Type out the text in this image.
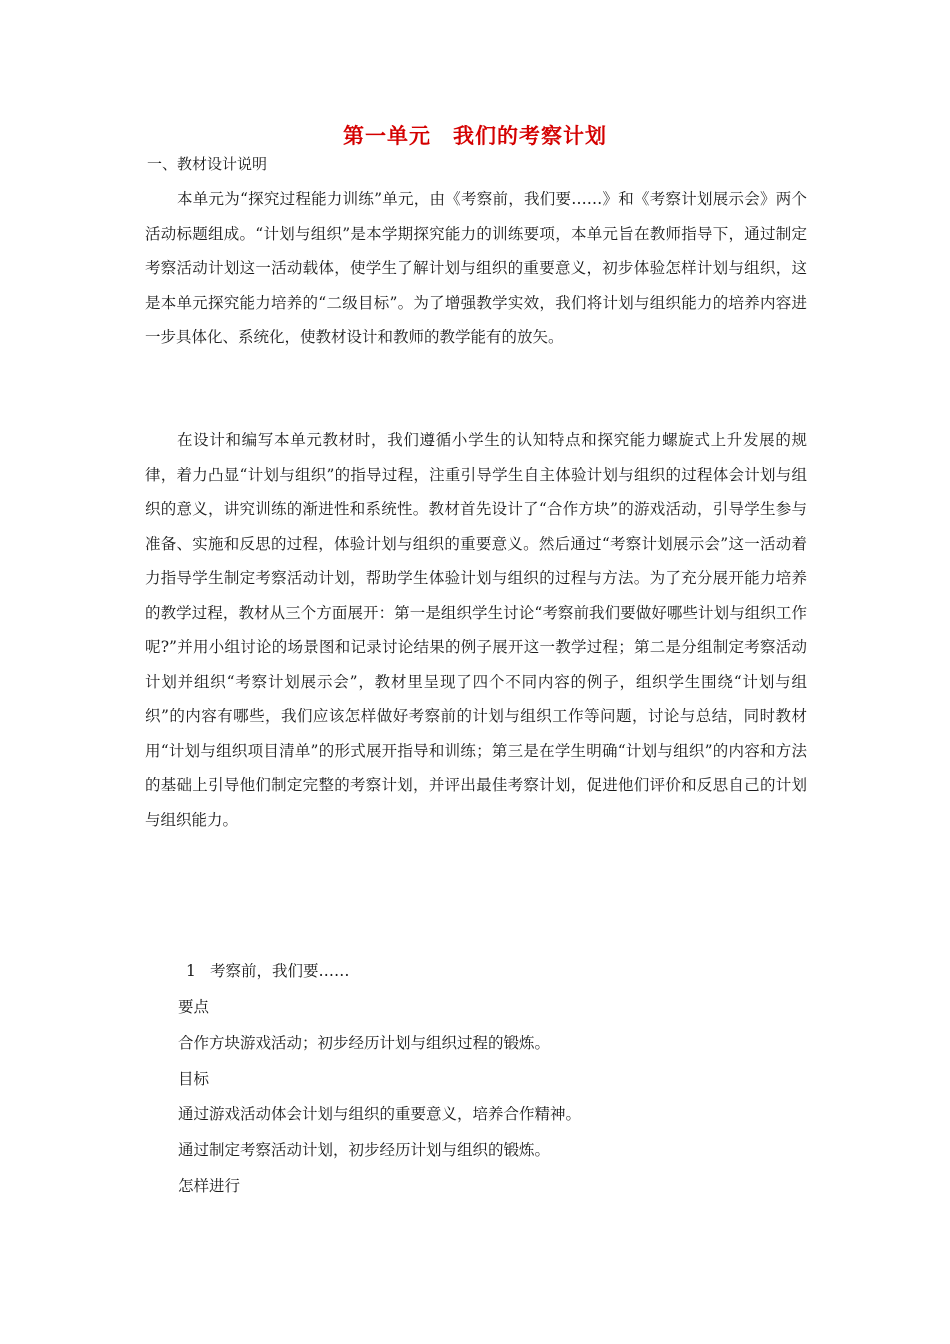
第一单元　我们的考察计划
一、教材设计说明

本单元为“探究过程能力训练”单元，由《考察前，我们要……》和《考察计划展示会》两个活动标题组成。“计划与组织”是本学期探究能力的训练要项，本单元旨在教师指导下，通过制定考察活动计划这一活动载体，使学生了解计划与组织的重要意义，初步体验怎样计划与组织，这是本单元探究能力培养的“二级目标”。为了增强教学实效，我们将计划与组织能力的培养内容进一步具体化、系统化，使教材设计和教师的教学能有的放矢。

在设计和编写本单元教材时，我们遵循小学生的认知特点和探究能力螺旋式上升发展的规律，着力凸显“计划与组织”的指导过程，注重引导学生自主体验计划与组织的过程体会计划与组织的意义，讲究训练的渐进性和系统性。教材首先设计了“合作方块”的游戏活动，引导学生参与准备、实施和反思的过程，体验计划与组织的重要意义。然后通过“考察计划展示会”这一活动着力指导学生制定考察活动计划，帮助学生体验计划与组织的过程与方法。为了充分展开能力培养的教学过程，教材从三个方面展开：第一是组织学生讨论“考察前我们要做好哪些计划与组织工作呢?”并用小组讨论的场景图和记录讨论结果的例子展开这一教学过程；第二是分组制定考察活动计划并组织“考察计划展示会”，教材里呈现了四个不同内容的例子，组织学生围绕“计划与组织”的内容有哪些，我们应该怎样做好考察前的计划与组织工作等问题，讨论与总结，同时教材用“计划与组织项目清单”的形式展开指导和训练；第三是在学生明确“计划与组织”的内容和方法的基础上引导他们制定完整的考察计划，并评出最佳考察计划，促进他们评价和反思自己的计划与组织能力。

1 考察前，我们要……
要点
合作方块游戏活动；初步经历计划与组织过程的锻炼。
目标
通过游戏活动体会计划与组织的重要意义，培养合作精神。
通过制定考察活动计划，初步经历计划与组织的锻炼。
怎样进行
